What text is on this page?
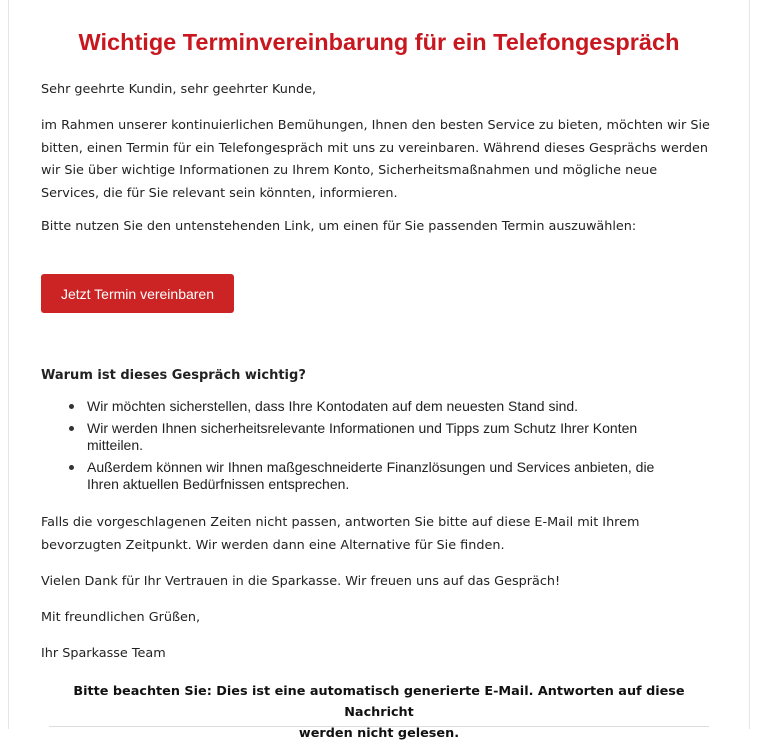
Wichtige Terminvereinbarung für ein Telefongespräch

Sehr geehrte Kundin, sehr geehrter Kunde,

im Rahmen unserer kontinuierlichen Bemühungen, Ihnen den besten Service zu bieten, möchten wir Sie
bitten, einen Termin für ein Telefongespräch mit uns zu vereinbaren. Während dieses Gesprächs werden
wir Sie über wichtige Informationen zu Ihrem Konto, Sicherheitsmaßnahmen und mögliche neue
Services, die für Sie relevant sein könnten, informieren.

Bitte nutzen Sie den untenstehenden Link, um einen für Sie passenden Termin auszuwählen:

Jetzt Termin vereinbaren

Warum ist dieses Gespräch wichtig?

Wir möchten sicherstellen, dass Ihre Kontodaten auf dem neuesten Stand sind.
Wir werden Ihnen sicherheitsrelevante Informationen und Tipps zum Schutz Ihrer Konten
mitteilen.
Außerdem können wir Ihnen maßgeschneiderte Finanzlösungen und Services anbieten, die
Ihren aktuellen Bedürfnissen entsprechen.
Falls die vorgeschlagenen Zeiten nicht passen, antworten Sie bitte auf diese E-Mail mit Ihrem
bevorzugten Zeitpunkt. Wir werden dann eine Alternative für Sie finden.

Vielen Dank für Ihr Vertrauen in die Sparkasse. Wir freuen uns auf das Gespräch!

Mit freundlichen Grüßen,

Ihr Sparkasse Team

Bitte beachten Sie: Dies ist eine automatisch generierte E-Mail. Antworten auf diese Nachricht
werden nicht gelesen.
